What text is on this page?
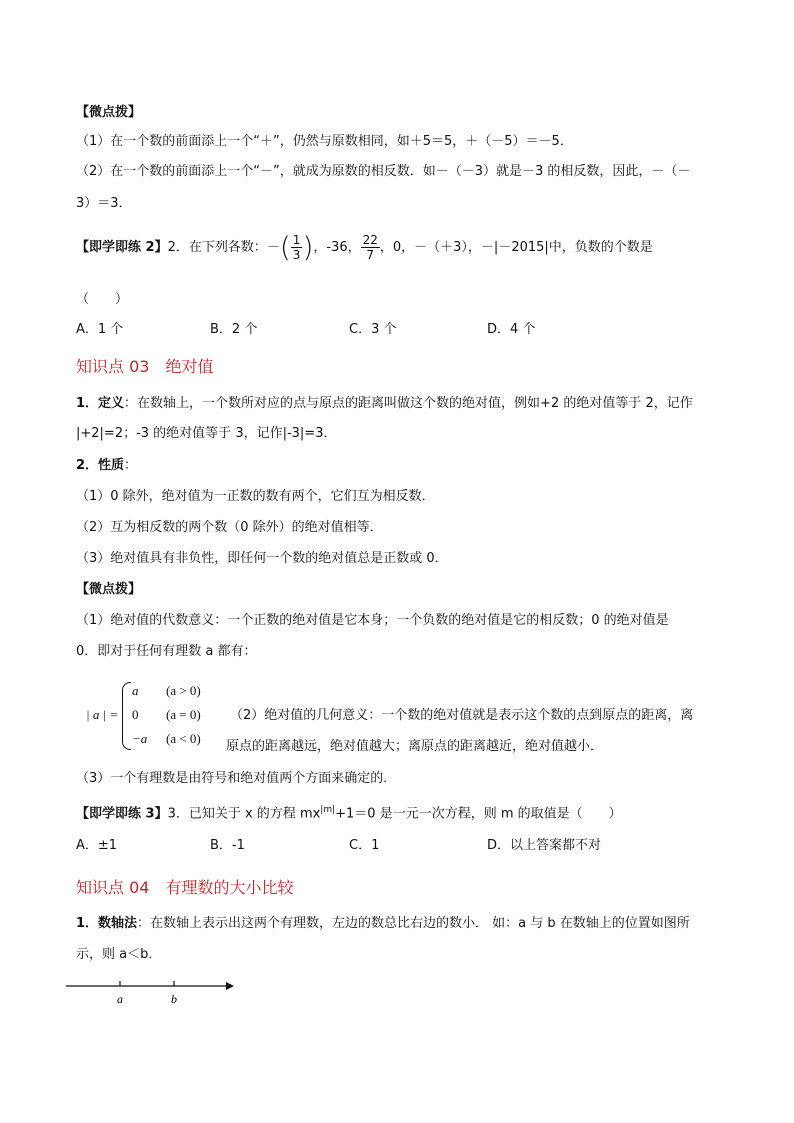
【微点拨】
（1）在一个数的前面添上一个“＋”，仍然与原数相同，如＋5＝5，＋（－5）＝－5．
（2）在一个数的前面添上一个“－”，就成为原数的相反数．如－（－3）就是－3 的相反数，因此，－（－
3）＝3．
【即学即练 2】2．在下列各数：－( $\frac{1}{3}$ )，-36， $\frac{22}{7}$ ，0，－（＋3），－|－2015|中，负数的个数是
（　　）
A．1 个	B．2 个	C．3 个	D．4 个
知识点 03　绝对值
1．定义：在数轴上，一个数所对应的点与原点的距离叫做这个数的绝对值，例如+2 的绝对值等于 2，记作
|+2|=2；-3 的绝对值等于 3，记作|-3|=3．
2．性质：
（1）0 除外，绝对值为一正数的数有两个，它们互为相反数．
（2）互为相反数的两个数（0 除外）的绝对值相等．
（3）绝对值具有非负性，即任何一个数的绝对值总是正数或 0．
【微点拨】
（1）绝对值的代数意义：一个正数的绝对值是它本身；一个负数的绝对值是它的相反数；0 的绝对值是
0．即对于任何有理数 a 都有：
| a | =
a (a > 0)
0 (a = 0)
−a (a < 0)
（2）绝对值的几何意义：一个数的绝对值就是表示这个数的点到原点的距离，离
原点的距离越远，绝对值越大；离原点的距离越近，绝对值越小．
（3）一个有理数是由符号和绝对值两个方面来确定的．
【即学即练 3】3．已知关于 x 的方程 $mx^{|m|}+1=0$ 是一元一次方程，则 m 的取值是（　　）
A．±1	B．-1	C．1	D．以上答案都不对
知识点 04　有理数的大小比较
1．数轴法：在数轴上表示出这两个有理数，左边的数总比右边的数小． 如：a 与 b 在数轴上的位置如图所
示，则 a＜b．
a	b
